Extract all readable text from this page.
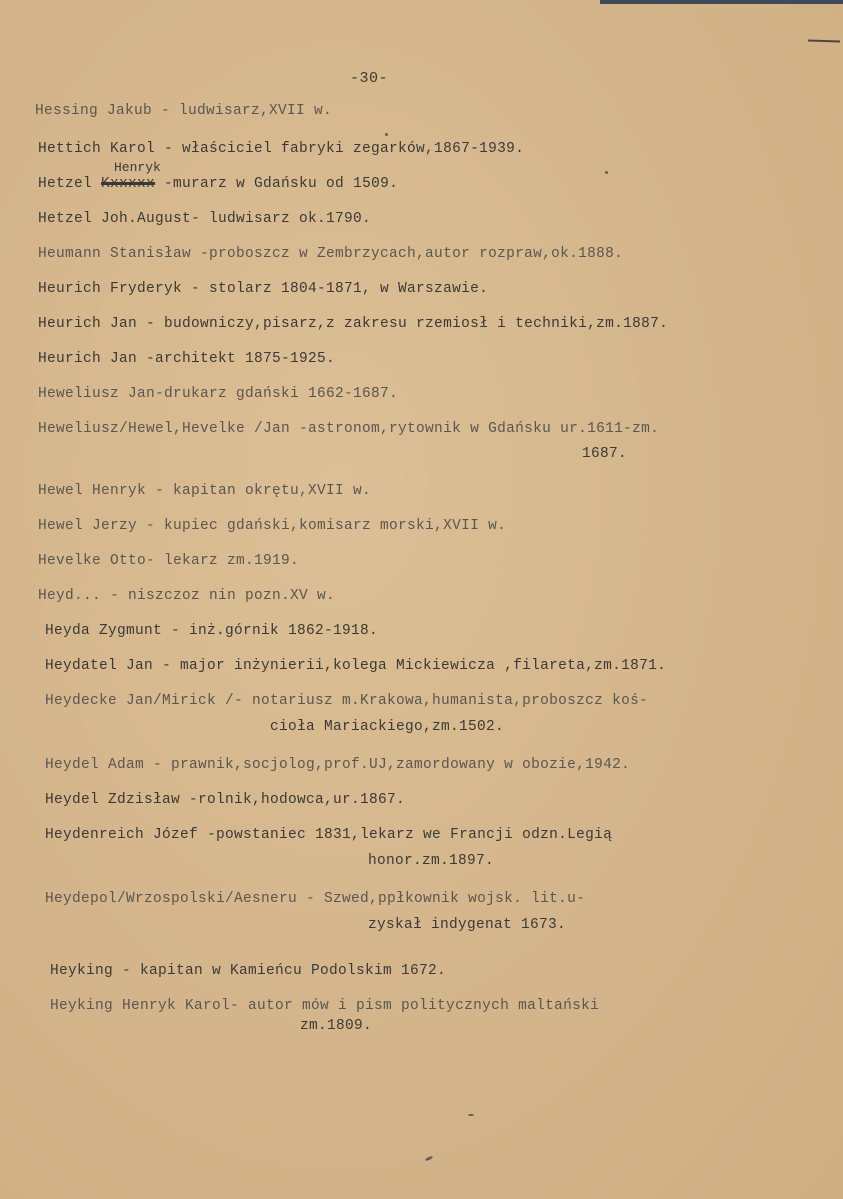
-30-
Hessing Jakub - ludwisarz,XVII w.
Hettich Karol - właściciel fabryki zegarków,1867-1939.
Henryk
Hetzel Kxxxxx -murarz w Gdańsku od 1509.
Hetzel Joh.August- ludwisarz ok.1790.
Heumann Stanisław -proboszcz w Zembrzycach,autor rozpraw,ok.1888.
Heurich Fryderyk - stolarz 1804-1871, w Warszawie.
Heurich Jan - budowniczy,pisarz,z zakresu rzemiosł i techniki,zm.1887.
Heurich Jan -architekt 1875-1925.
Heweliusz Jan-drukarz gdański 1662-1687.
Heweliusz/Hewel,Hevelke /Jan -astronom,rytownik w Gdańsku ur.1611-zm.
1687.
Hewel Henryk - kapitan okrętu,XVII w.
Hewel Jerzy - kupiec gdański,komisarz morski,XVII w.
Hevelke Otto- lekarz zm.1919.
Heyd... - niszczoz nin pozn.XV w.
Heyda Zygmunt - inż.górnik 1862-1918.
Heydatel Jan - major inżynierii,kolega Mickiewicza ,filareta,zm.1871.
Heydecke Jan/Mirick /- notariusz m.Krakowa,humanista,proboszcz koś-
cioła Mariackiego,zm.1502.
Heydel Adam - prawnik,socjolog,prof.UJ,zamordowany w obozie,1942.
Heydel Zdzisław -rolnik,hodowca,ur.1867.
Heydenreich Józef -powstaniec 1831,lekarz we Francji odzn.Legią
honor.zm.1897.
Heydepol/Wrzospolski/Aesneru - Szwed,ppłkownik wojsk. lit.u-
zyskał indygenat 1673.
Heyking - kapitan w Kamieńcu Podolskim 1672.
Heyking Henryk Karol- autor mów i pism politycznych maltański
zm.1809.
